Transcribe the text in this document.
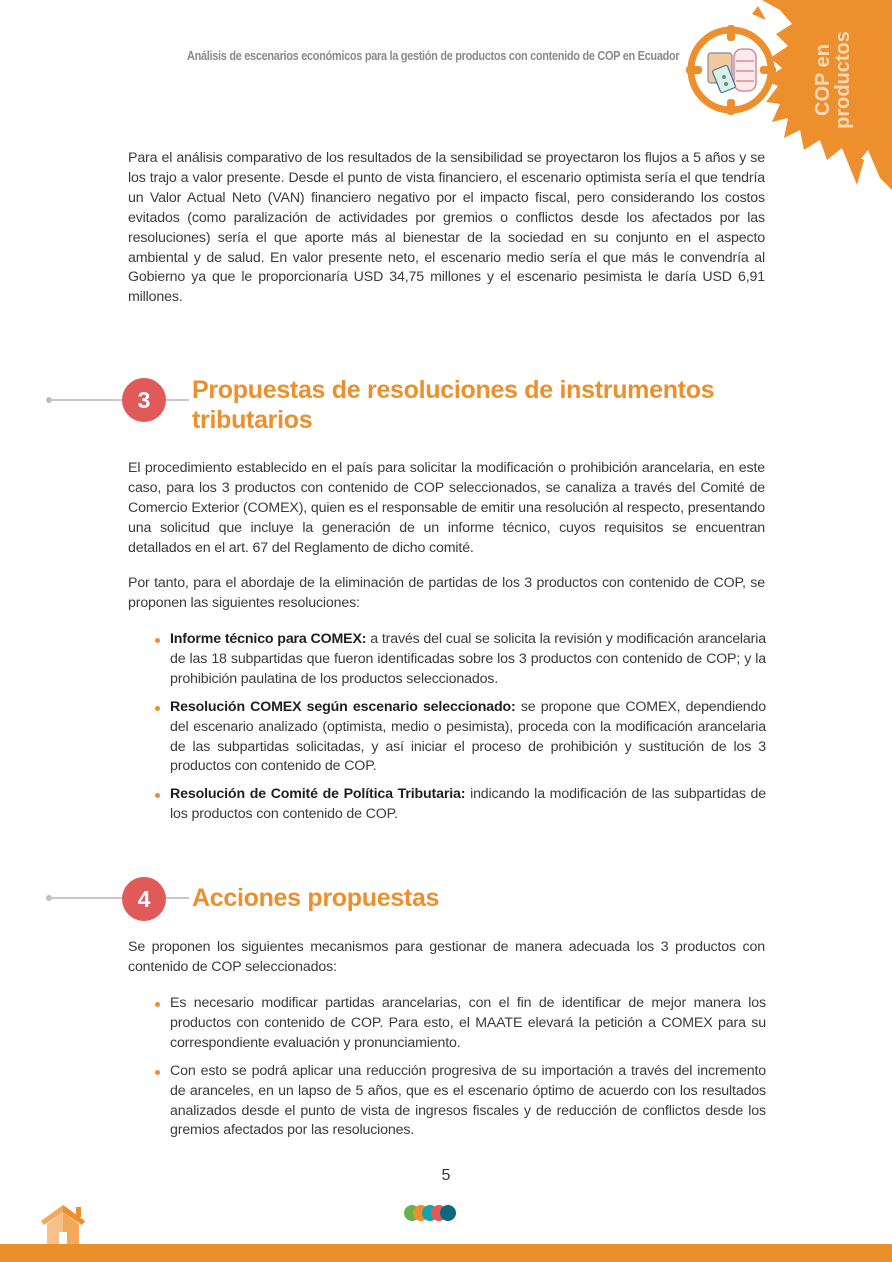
COP en
productos
Análisis de escenarios económicos para la gestión de productos con contenido de COP en Ecuador

Para el análisis comparativo de los resultados de la sensibilidad se proyectaron los flujos a 5 años y se los trajo a valor presente. Desde el punto de vista financiero, el escenario optimista sería el que tendría un Valor Actual Neto (VAN) financiero negativo por el impacto fiscal, pero considerando los costos evitados (como paralización de actividades por gremios o conflictos desde los afectados por las resoluciones) sería el que aporte más al bienestar de la sociedad en su conjunto en el aspecto ambiental y de salud. En valor presente neto, el escenario medio sería el que más le convendría al Gobierno ya que le proporcionaría USD 34,75 millones y el escenario pesimista le daría USD 6,91 millones.

3	Propuestas de resoluciones de instrumentos tributarios

El procedimiento establecido en el país para solicitar la modificación o prohibición arancelaria, en este caso, para los 3 productos con contenido de COP seleccionados, se canaliza a través del Comité de Comercio Exterior (COMEX), quien es el responsable de emitir una resolución al respecto, presentando una solicitud que incluye la generación de un informe técnico, cuyos requisitos se encuentran detallados en el art. 67 del Reglamento de dicho comité.

Por tanto, para el abordaje de la eliminación de partidas de los 3 productos con contenido de COP, se proponen las siguientes resoluciones:

Informe técnico para COMEX: a través del cual se solicita la revisión y modificación arancelaria de las 18 subpartidas que fueron identificadas sobre los 3 productos con contenido de COP; y la prohibición paulatina de los productos seleccionados.
Resolución COMEX según escenario seleccionado: se propone que COMEX, dependiendo del escenario analizado (optimista, medio o pesimista), proceda con la modificación arancelaria de las subpartidas solicitadas, y así iniciar el proceso de prohibición y sustitución de los 3 productos con contenido de COP.
Resolución de Comité de Política Tributaria: indicando la modificación de las subpartidas de los productos con contenido de COP.
4	Acciones propuestas

Se proponen los siguientes mecanismos para gestionar de manera adecuada los 3 productos con contenido de COP seleccionados:

Es necesario modificar partidas arancelarias, con el fin de identificar de mejor manera los productos con contenido de COP. Para esto, el MAATE elevará la petición a COMEX para su correspondiente evaluación y pronunciamiento.
Con esto se podrá aplicar una reducción progresiva de su importación a través del incremento de aranceles, en un lapso de 5 años, que es el escenario óptimo de acuerdo con los resultados analizados desde el punto de vista de ingresos fiscales y de reducción de conflictos desde los gremios afectados por las resoluciones.
5
